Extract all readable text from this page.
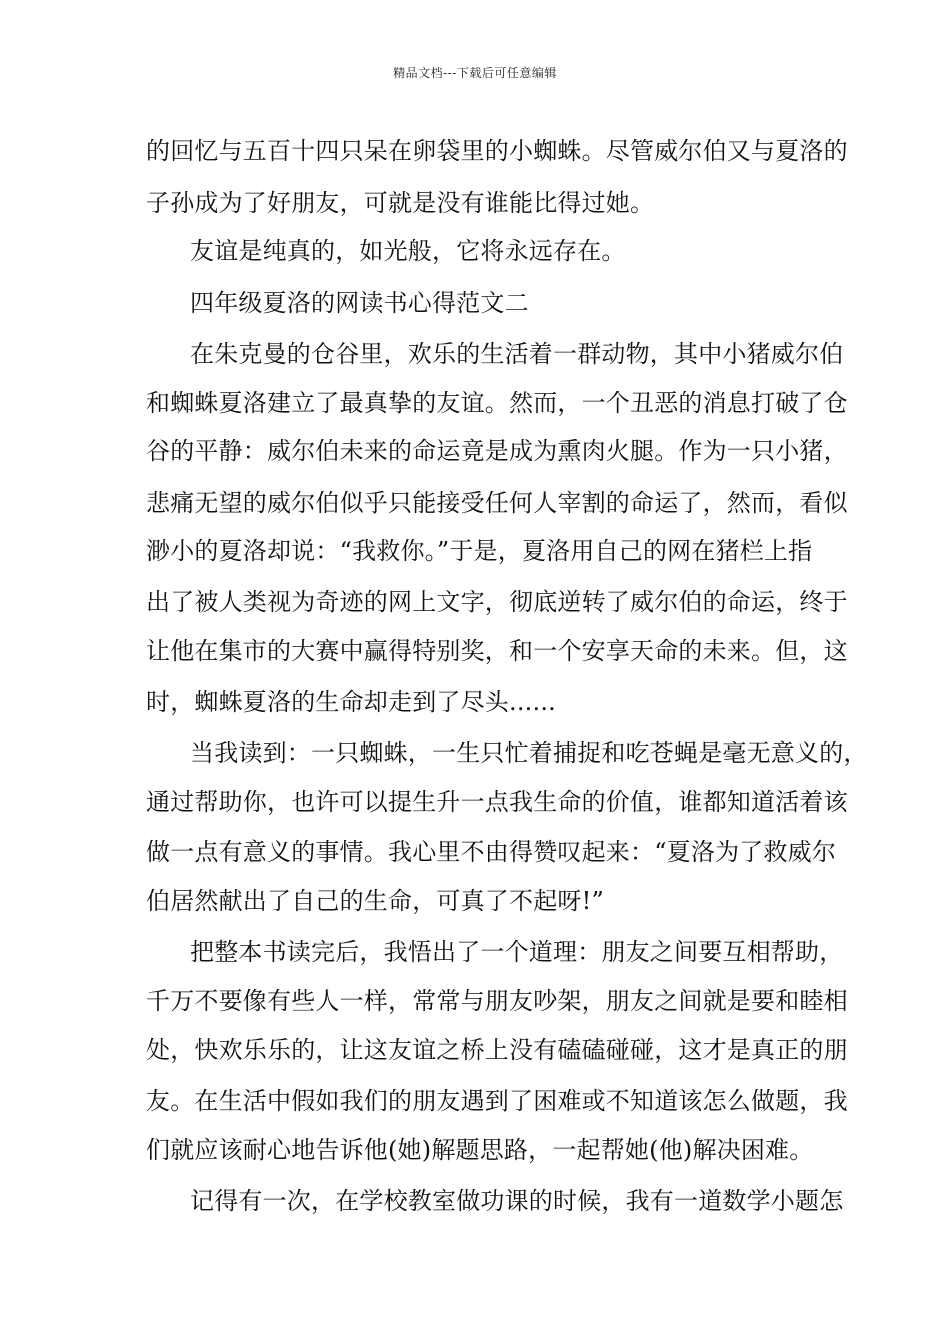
精品文档---下载后可任意编辑
的回忆与五百十四只呆在卵袋里的小蜘蛛。尽管威尔伯又与夏洛的
子孙成为了好朋友，可就是没有谁能比得过她。
友谊是纯真的，如光般，它将永远存在。
四年级夏洛的网读书心得范文二
在朱克曼的仓谷里，欢乐的生活着一群动物，其中小猪威尔伯
和蜘蛛夏洛建立了最真挚的友谊。然而，一个丑恶的消息打破了仓
谷的平静：威尔伯未来的命运竟是成为熏肉火腿。作为一只小猪，
悲痛无望的威尔伯似乎只能接受任何人宰割的命运了，然而，看似
渺小的夏洛却说：“我救你。”于是，夏洛用自己的网在猪栏上指
出了被人类视为奇迹的网上文字，彻底逆转了威尔伯的命运，终于
让他在集市的大赛中赢得特别奖，和一个安享天命的未来。但，这
时，蜘蛛夏洛的生命却走到了尽头......
当我读到：一只蜘蛛，一生只忙着捕捉和吃苍蝇是毫无意义的，
通过帮助你，也许可以提生升一点我生命的价值，谁都知道活着该
做一点有意义的事情。我心里不由得赞叹起来：“夏洛为了救威尔
伯居然献出了自己的生命，可真了不起呀!”
把整本书读完后，我悟出了一个道理：朋友之间要互相帮助，
千万不要像有些人一样，常常与朋友吵架，朋友之间就是要和睦相
处，快欢乐乐的，让这友谊之桥上没有磕磕碰碰，这才是真正的朋
友。在生活中假如我们的朋友遇到了困难或不知道该怎么做题，我
们就应该耐心地告诉他(她)解题思路，一起帮她(他)解决困难。
记得有一次，在学校教室做功课的时候，我有一道数学小题怎
